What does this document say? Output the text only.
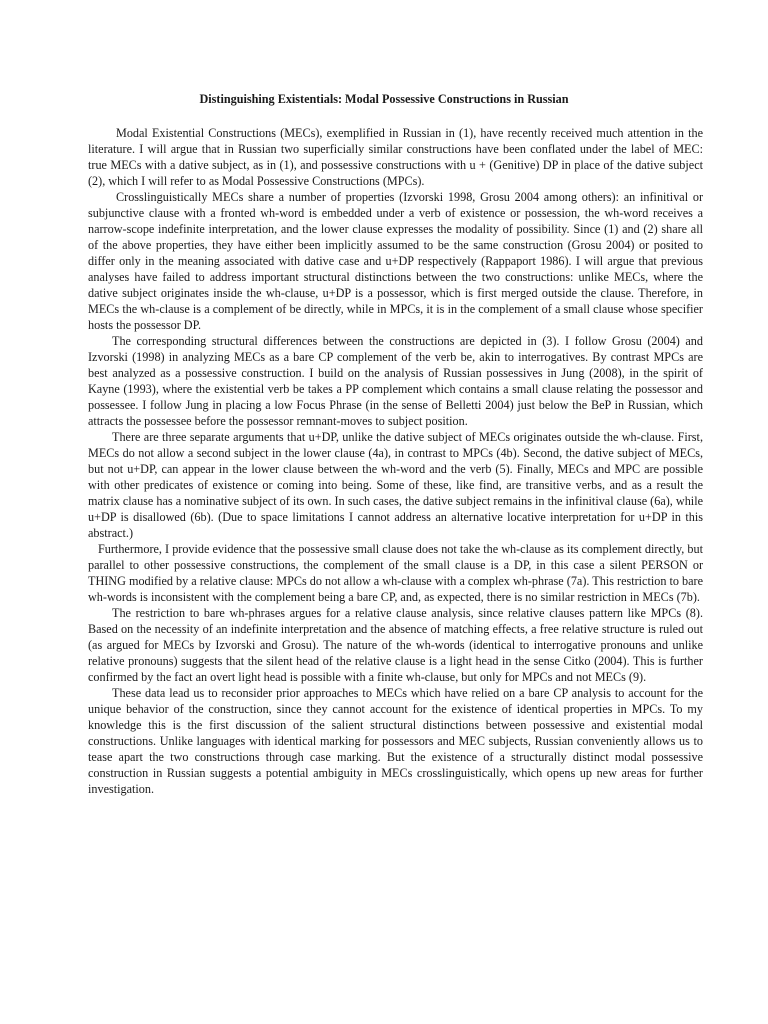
Distinguishing Existentials: Modal Possessive Constructions in Russian

Modal Existential Constructions (MECs), exemplified in Russian in (1), have recently received much attention in the literature. I will argue that in Russian two superficially similar constructions have been conflated under the label of MEC: true MECs with a dative subject, as in (1), and possessive constructions with u + (Genitive) DP in place of the dative subject (2), which I will refer to as Modal Possessive Constructions (MPCs).

Crosslinguistically MECs share a number of properties (Izvorski 1998, Grosu 2004 among others): an infinitival or subjunctive clause with a fronted wh-word is embedded under a verb of existence or possession, the wh-word receives a narrow-scope indefinite interpretation, and the lower clause expresses the modality of possibility. Since (1) and (2) share all of the above properties, they have either been implicitly assumed to be the same construction (Grosu 2004) or posited to differ only in the meaning associated with dative case and u+DP respectively (Rappaport 1986). I will argue that previous analyses have failed to address important structural distinctions between the two constructions: unlike MECs, where the dative subject originates inside the wh-clause, u+DP is a possessor, which is first merged outside the clause. Therefore, in MECs the wh-clause is a complement of be directly, while in MPCs, it is in the complement of a small clause whose specifier hosts the possessor DP.

The corresponding structural differences between the constructions are depicted in (3). I follow Grosu (2004) and Izvorski (1998) in analyzing MECs as a bare CP complement of the verb be, akin to interrogatives. By contrast MPCs are best analyzed as a possessive construction. I build on the analysis of Russian possessives in Jung (2008), in the spirit of Kayne (1993), where the existential verb be takes a PP complement which contains a small clause relating the possessor and possessee. I follow Jung in placing a low Focus Phrase (in the sense of Belletti 2004) just below the BeP in Russian, which attracts the possessee before the possessor remnant-moves to subject position.

There are three separate arguments that u+DP, unlike the dative subject of MECs originates outside the wh-clause. First, MECs do not allow a second subject in the lower clause (4a), in contrast to MPCs (4b). Second, the dative subject of MECs, but not u+DP, can appear in the lower clause between the wh-word and the verb (5). Finally, MECs and MPC are possible with other predicates of existence or coming into being. Some of these, like find, are transitive verbs, and as a result the matrix clause has a nominative subject of its own. In such cases, the dative subject remains in the infinitival clause (6a), while u+DP is disallowed (6b). (Due to space limitations I cannot address an alternative locative interpretation for u+DP in this abstract.)

Furthermore, I provide evidence that the possessive small clause does not take the wh-clause as its complement directly, but parallel to other possessive constructions, the complement of the small clause is a DP, in this case a silent PERSON or THING modified by a relative clause: MPCs do not allow a wh-clause with a complex wh-phrase (7a). This restriction to bare wh-words is inconsistent with the complement being a bare CP, and, as expected, there is no similar restriction in MECs (7b).

The restriction to bare wh-phrases argues for a relative clause analysis, since relative clauses pattern like MPCs (8). Based on the necessity of an indefinite interpretation and the absence of matching effects, a free relative structure is ruled out (as argued for MECs by Izvorski and Grosu). The nature of the wh-words (identical to interrogative pronouns and unlike relative pronouns) suggests that the silent head of the relative clause is a light head in the sense Citko (2004). This is further confirmed by the fact an overt light head is possible with a finite wh-clause, but only for MPCs and not MECs (9).

These data lead us to reconsider prior approaches to MECs which have relied on a bare CP analysis to account for the unique behavior of the construction, since they cannot account for the existence of identical properties in MPCs. To my knowledge this is the first discussion of the salient structural distinctions between possessive and existential modal constructions. Unlike languages with identical marking for possessors and MEC subjects, Russian conveniently allows us to tease apart the two constructions through case marking. But the existence of a structurally distinct modal possessive construction in Russian suggests a potential ambiguity in MECs crosslinguistically, which opens up new areas for further investigation.
